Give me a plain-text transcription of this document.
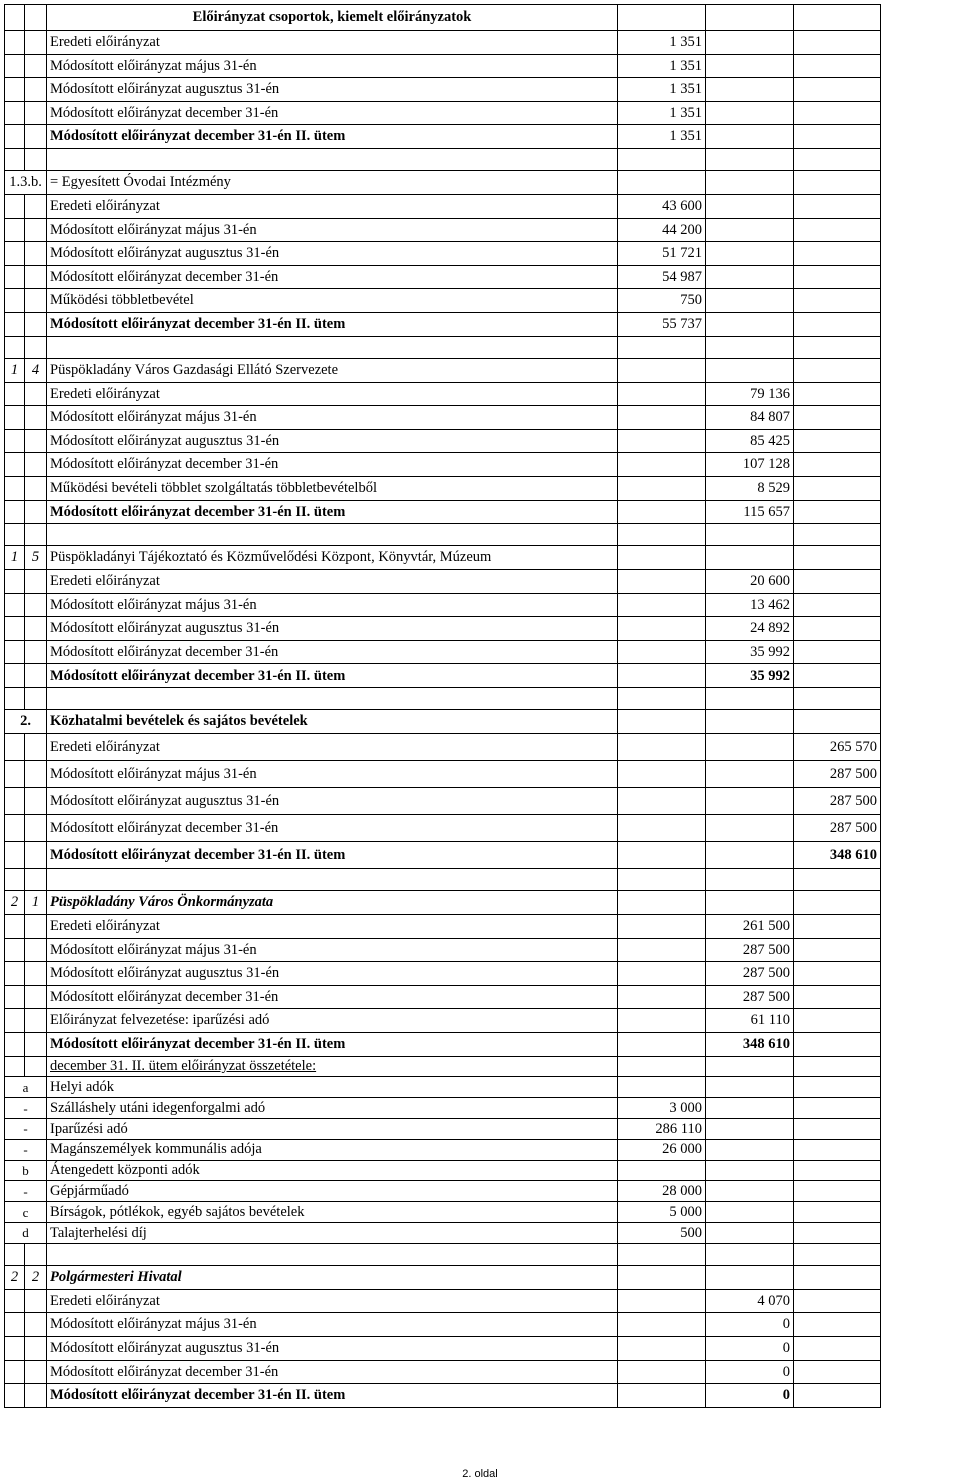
		Előirányzat csoportok, kiemelt előirányzatok			
		Eredeti előirányzat	1 351		
		Módosított előirányzat május 31-én	1 351		
		Módosított előirányzat augusztus 31-én	1 351		
		Módosított előirányzat december 31-én	1 351		
		Módosított előirányzat december 31-én II. ütem	1 351		

1.3.b.		= Egyesített Óvodai Intézmény			
		Eredeti előirányzat	43 600		
		Módosított előirányzat május 31-én	44 200		
		Módosított előirányzat augusztus 31-én	51 721		
		Módosított előirányzat december 31-én	54 987		
		Működési többletbevétel	750		
		Módosított előirányzat december 31-én II. ütem	55 737		

1	4	Püspökladány Város Gazdasági Ellátó Szervezete			
		Eredeti előirányzat		79 136	
		Módosított előirányzat május 31-én		84 807	
		Módosított előirányzat augusztus 31-én		85 425	
		Módosított előirányzat december 31-én		107 128	
		Működési bevételi többlet szolgáltatás többletbevételből		8 529	
		Módosított előirányzat december 31-én II. ütem		115 657	

1	5	Püspökladányi Tájékoztató és Közművelődési Központ, Könyvtár, Múzeum			
		Eredeti előirányzat		20 600	
		Módosított előirányzat május 31-én		13 462	
		Módosított előirányzat augusztus 31-én		24 892	
		Módosított előirányzat december 31-én		35 992	
		Módosított előirányzat december 31-én II. ütem		35 992	

2.		Közhatalmi bevételek és sajátos bevételek			
		Eredeti előirányzat			265 570
		Módosított előirányzat május 31-én			287 500
		Módosított előirányzat augusztus 31-én			287 500
		Módosított előirányzat december 31-én			287 500
		Módosított előirányzat december 31-én II. ütem			348 610

2	1	Püspökladány Város Önkormányzata			
		Eredeti előirányzat		261 500	
		Módosított előirányzat május 31-én		287 500	
		Módosított előirányzat augusztus 31-én		287 500	
		Módosított előirányzat december 31-én		287 500	
		Előirányzat felvezetése: iparűzési adó		61 110	
		Módosított előirányzat december 31-én II. ütem		348 610	
		december 31. II. ütem előirányzat összetétele:			
a		Helyi adók			
-		Szálláshely utáni idegenforgalmi adó	3 000		
-		Iparűzési adó	286 110		
-		Magánszemélyek kommunális adója	26 000		
b		Átengedett központi adók			
-		Gépjárműadó	28 000		
c		Bírságok, pótlékok, egyéb sajátos bevételek	5 000		
d		Talajterhelési díj	500		

2	2	Polgármesteri Hivatal			
		Eredeti előirányzat		4 070	
		Módosított előirányzat május 31-én		0	
		Módosított előirányzat augusztus 31-én		0	
		Módosított előirányzat december 31-én		0	
		Módosított előirányzat december 31-én II. ütem		0	
2. oldal
